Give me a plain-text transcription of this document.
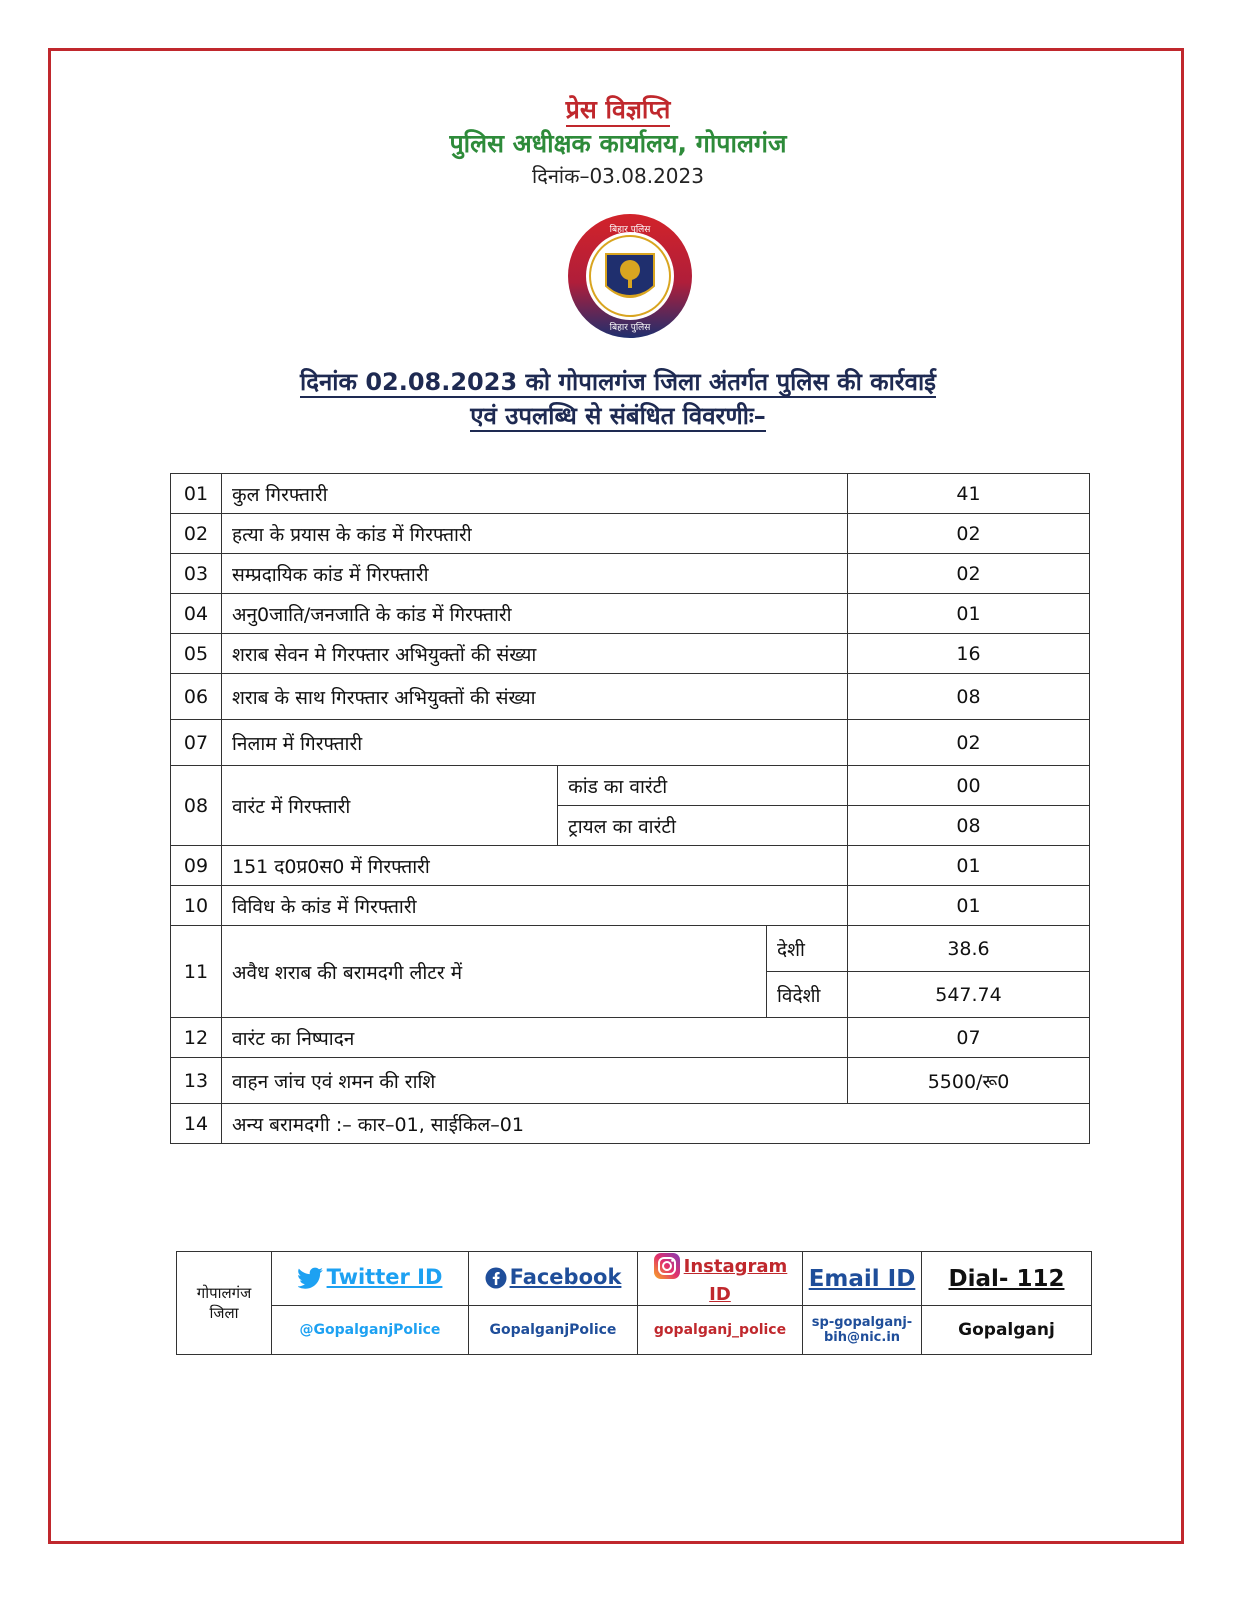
प्रेस विज्ञप्ति
पुलिस अधीक्षक कार्यालय, गोपालगंज
दिनांक–03.08.2023
बिहार पुलिस
बिहार पुलिस
दिनांक 02.08.2023 को गोपालगंज जिला अंतर्गत पुलिस की कार्रवाई
एवं उपलब्धि से संबंधित विवरणीः–
01	कुल गिरफ्तारी			41
02	हत्या के प्रयास के कांड में गिरफ्तारी			02
03	सम्प्रदायिक कांड में गिरफ्तारी			02
04	अनु0जाति/जनजाति के कांड में गिरफ्तारी			01
05	शराब सेवन मे गिरफ्तार अभियुक्तों की संख्या			16
06	शराब के साथ गिरफ्तार अभियुक्तों की संख्या			08
07	निलाम में गिरफ्तारी			02
08	वारंट में गिरफ्तारी	कांड का वारंटी		00
		ट्रायल का वारंटी		08
09	151 द0प्र0स0 में गिरफ्तारी			01
10	विविध के कांड में गिरफ्तारी			01
11	अवैध शराब की बरामदगी लीटर में		देशी	38.6
			विदेशी	547.74
12	वारंट का निष्पादन			07
13	वाहन जांच एवं शमन की राशि			5500/रू0
14	अन्य बरामदगी :– कार–01, साईकिल–01			
गोपालगंज
जिला	Twitter ID	Facebook	Instagram ID	Email ID	Dial- 112
	@GopalganjPolice	GopalganjPolice	gopalganj_police	sp-gopalganj-bih@nic.in	Gopalganj
